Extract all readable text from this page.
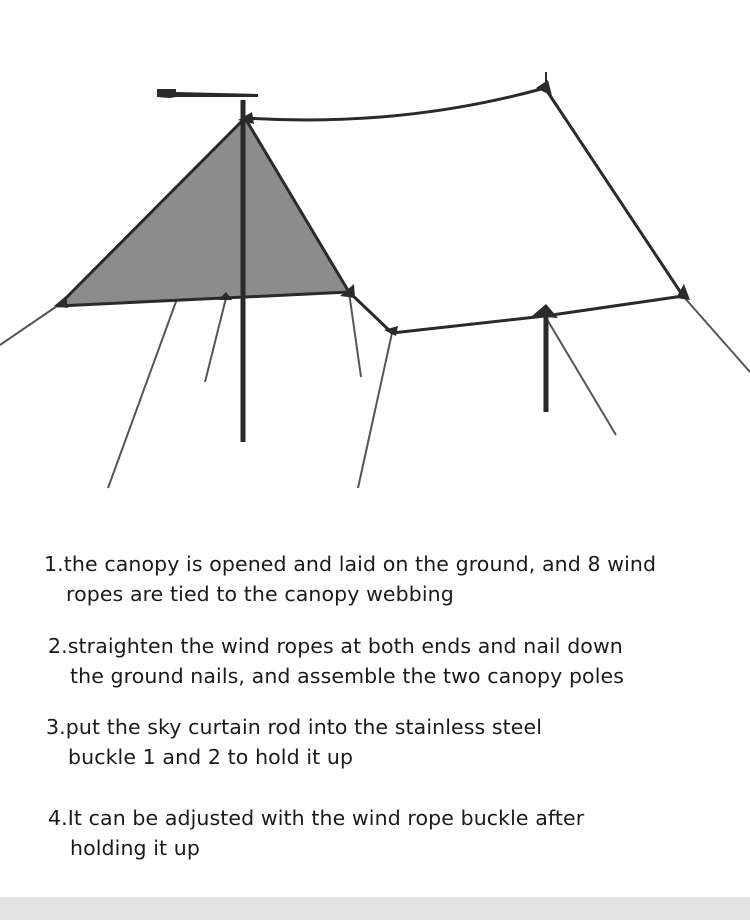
1.the canopy is opened and laid on the ground, and 8 wind
ropes are tied to the canopy webbing
2.straighten the wind ropes at both ends and nail down
the ground nails, and assemble the two canopy poles
3.put the sky curtain rod into the stainless steel
buckle 1 and 2 to hold it up
4.It can be adjusted with the wind rope buckle after
holding it up
